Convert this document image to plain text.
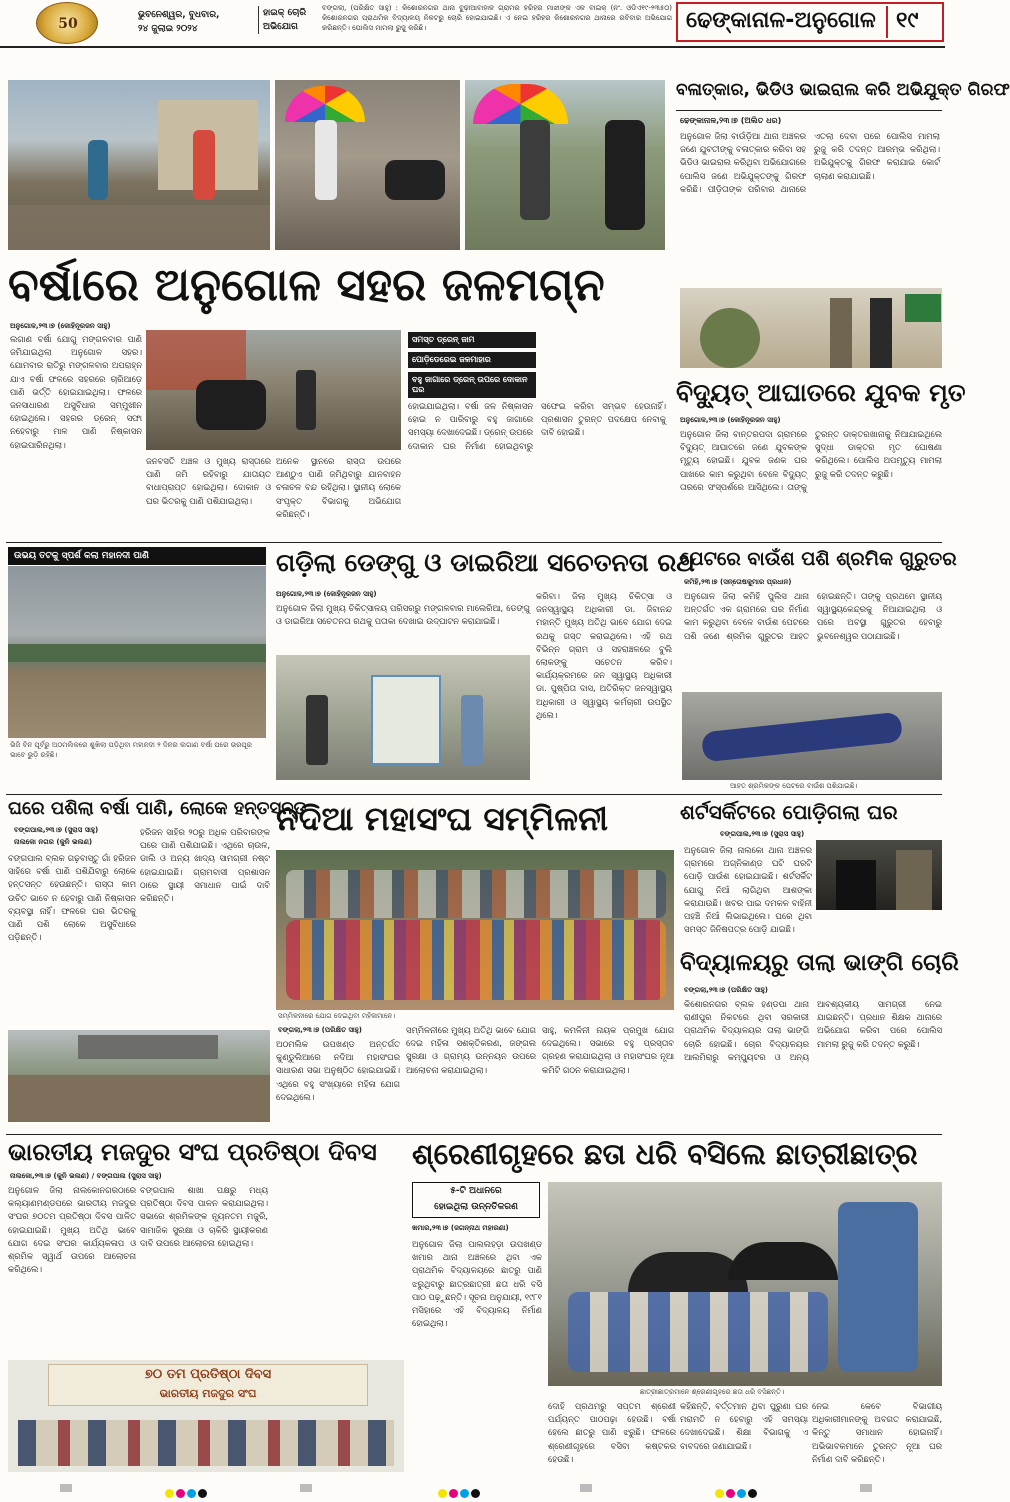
50
ଭୁବନେଶ୍ୱର, ବୁଧବାର,
୨୪ ଜୁଲାଇ ୨୦୨୪
ହାଇକ୍ ଚୋରି
ଅଭିଯୋଗ
ବଙ୍ଗଲା, (ପରିକ୍ଷିତ ସାହୁ) : କିଶୋରନଗର ଥାନା ବୁଢ଼ୀଆବାହାଳ ଗ୍ରାମର ହରିହର ମାଝୀଙ୍କ ଏକ ବାଇକ୍ (ନଂ. ଓଡିଏ୧୯-୨୩୫୦) କିଶୋରନଗର ପ୍ରାଥମିକ ବିଦ୍ୟାଳୟ ନିକଟରୁ ଚୋରି ହୋଇଯାଇଛି। ଏ ନେଇ ହରିହର କିଶୋରନଗର ଥାନାରେ ରବିବାର ଅଭିଯୋଗ କରିଛନ୍ତି। ପୋଲିସ ମାମଲା ରୁଜୁ କରିଛି।	ଢେଙ୍କାନାଳ-ଅନୁଗୋଳ ୧୯
ବଳାତ୍କାର, ଭିଡିଓ ଭାଇରାଲ କରି ଅଭିଯୁକ୍ତ ଗିରଫ
ଢେଙ୍କାନାଳ,୨୩।୭ (ଅଲିତ ଧର)
ଅନୁଗୋଳ ଜିଲା ବାଉଁଡ଼ିଆ ଥାନା ଅଞ୍ଚଳର ଜଣେ ଯୁବତୀଙ୍କୁ ବଳାତ୍କାର କରିବା ସହ ଭିଡିଓ ଭାଇରାଲ କରିଥିବା ଅଭିଯୋଗରେ ପୋଲିସ ଜଣେ ଅଭିଯୁକ୍ତଙ୍କୁ ଗିରଫ କରିଛି। ପୀଡ଼ିତାଙ୍କ ପରିବାର ଥାନାରେ ଏତଲା ଦେବା ପରେ ପୋଲିସ ମାମଲା ରୁଜୁ କରି ତଦନ୍ତ ଆରମ୍ଭ କରିଥିଲା। ଅଭିଯୁକ୍ତକୁ ଗିରଫ କରାଯାଇ କୋର୍ଟ ଚାଲାଣ କରାଯାଇଛି।
ବର୍ଷାରେ ଅନୁଗୋଳ ସହର ଜଳମଗ୍ନ
ଅନୁଗୋଳ,୨୩।୭ (କୋହିନୂରଜନ ସାହୁ)
ଲଗାଣ ବର୍ଷା ଯୋଗୁ ମଙ୍ଗଳବାର ପାଣି ଜମିଯାଇଥିଲା ଅନୁଗୋଳ ସହର। ଯୋମବାର ରାତିରୁ ମଙ୍ଗଳବାର ଅପରାହ୍ନ ଯାଏ ବର୍ଷା ଫଳରେ ସହରରେ ଚାରିଆଡ଼େ ପାଣି ଭର୍ତ୍ତି ହୋଇଯାଇଥିଲା। ଫଳରେ ଜନସାଧାରଣ ଅସୁବିଧାର ସମ୍ମୁଖୀନ ହୋଇଥିଲେ। ସହରର ଡ୍ରେନ୍ ସଫା ନହେବାରୁ ମାଳ ପାଣି ନିଷ୍କାସନ ହୋଇପାରିନଥିଲା।
ଜନବସତି ଅଞ୍ଚଳ ଓ ମୁଖ୍ୟ ରାସ୍ତାରେ ପାଣି ଜମି ରହିବାରୁ ଯାତାୟତ ବାଧାପ୍ରାପ୍ତ ହୋଇଥିଲା। ଦୋକାନ ଓ ଘର ଭିତରକୁ ପାଣି ପଶିଯାଇଥିଲା।
ଅନେକ ସ୍ଥାନରେ ରାସ୍ତା ଉପରେ ଆଣ୍ଠୁଏ ପାଣି ଜମିଥିବାରୁ ଯାନବାହନ ଚଳାଚଳ ବନ୍ଦ ରହିଥିଲା। ସ୍ଥାନୀୟ ଲୋକେ ସଂପୃକ୍ତ ବିଭାଗକୁ ଅଭିଯୋଗ କରିଛନ୍ତି।
ସମସ୍ତ ଡ୍ରେନ୍ ଜାମ
ପୋଡ଼ିଡେରେଇ ଜଳମାହାର
ବହୁ ଜାଗାରେ ଡ୍ରେନ୍ ଉପରେ ଦୋକାନ ଘର
ହୋଇଯାଇଥିଲା। ବର୍ଷା ଜଳ ନିଷ୍କାସନ ହୋଇ ନ ପାରିବାରୁ ବହୁ ଜାଗାରେ ସମସ୍ୟା ଦେଖାଦେଇଛି। ଡ୍ରେନ୍ ଉପରେ ଦୋକାନ ଘର ନିର୍ମାଣ ହୋଇଥିବାରୁ ସଫେଇ କରିବା ସମ୍ଭବ ହେଉନାହିଁ। ପ୍ରଶାସନ ତୁରନ୍ତ ପଦକ୍ଷେପ ନେବାକୁ ଦାବି ହୋଇଛି।
ବିଦ୍ୟୁତ୍ ଆଘାତରେ ଯୁବକ ମୃତ
ଅନୁଗୋଳ,୨୩।୭ (କୋହିନୂରଜନ ସାହୁ)
ଅନୁଗୋଳ ଜିଲା ବାନ୍ତରପଦା ଗ୍ରାମରେ ବିଦ୍ୟୁତ୍ ଆଘାତରେ ଜଣେ ଯୁବକଙ୍କ ମୃତ୍ୟୁ ହୋଇଛି। ଯୁବକ ଜଣକ ଘର ପାଖରେ କାମ କରୁଥିବା ବେଳେ ବିଦ୍ୟୁତ୍ ତାରରେ ସଂସ୍ପର୍ଶରେ ଆସିଥିଲେ। ତାଙ୍କୁ ତୁରନ୍ତ ଡାକ୍ତରଖାନାକୁ ନିଆଯାଇଥିଲେ ସୁଦ୍ଧା ଡାକ୍ତର ମୃତ ଘୋଷଣା କରିଥିଲେ। ପୋଲିସ ଅପମୃତ୍ୟୁ ମାମଲା ରୁଜୁ କରି ତଦନ୍ତ କରୁଛି।
ଉଭୟ ତଟକୁ ସ୍ପର୍ଶ କଲା ମହାନଦୀ ପାଣି
ଭିଜି ବିନ ପୂର୍ବରୁ ଅଠମଲିକରେ ଶୁଖିଲା ପଡ଼ିଥିବା ମହାନଦୀ ୨ ଦିନର ଲଗାଣ ବର୍ଷା ପରେ ଭରପୂର ଭାବେ ଭୁଡ଼ି ରହିଛି।
ଗଡ଼ିଲା ଡେଙ୍ଗୁ ଓ ଡାଇରିଆ ସଚେତନତା ରଥ
ଅନୁଗୋଳ,୨୩।୭ (କୋହିନୂରଜନ ସାହୁ)
ଅନୁଗୋଳ ଜିଲା ମୁଖ୍ୟ ଚିକିତ୍ସାଳୟ ପରିସରରୁ ମଙ୍ଗଳବାର ମାଲେରିଆ, ଡେଙ୍ଗୁ ଓ ଡାଇରିଆ ସଚେତନତା ରଥକୁ ପତାକା ଦେଖାଇ ଉଦ୍‌ଘାଟନ କରାଯାଇଛି।
କରିବା। ଜିଲା ମୁଖ୍ୟ ଚିକିତ୍ସା ଓ ଜନସ୍ୱାସ୍ଥ୍ୟ ଅଧିକାରୀ ଡା. ଜିବାନନ୍ଦ ମହାନ୍ତି ମୁଖ୍ୟ ଅତିଥି ଭାବେ ଯୋଗ ଦେଇ ରଥକୁ ଗସ୍ତ କରାଇଥିଲେ। ଏହି ରଥ ବିଭିନ୍ନ ଗ୍ରାମ ଓ ସହରାଞ୍ଚଳରେ ବୁଲି ଲୋକଙ୍କୁ ସଚେତନ କରିବ। କାର୍ଯ୍ୟକ୍ରମରେ ଜନ ସ୍ୱାସ୍ଥ୍ୟ ଅଧିକାରୀ ଡା. ପୁଷ୍ପିତା ଦାସ, ଅତିରିକ୍ତ ଜନସ୍ୱାସ୍ଥ୍ୟ ଅଧିକାରୀ ଓ ସ୍ୱାସ୍ଥ୍ୟ କର୍ମଚାରୀ ଉପସ୍ଥିତ ଥିଲେ।
ପେଟରେ ବାଉଁଶ ପଶି ଶ୍ରମିକ ଗୁରୁତର
କମିହି,୨୩।୭ (ସନ୍ତୋଷକୁମାର ପ୍ରଧାନ)
ଅନୁଗୋଳ ଜିଲା କମିହି ପୁଲିସ ଥାନା ଅନ୍ତର୍ଗତ ଏକ ଗ୍ରାମରେ ଘର ନିର୍ମାଣ କାମ କରୁଥିବା ବେଳେ ବାଉଁଶ ପେଟରେ ପଶି ଜଣେ ଶ୍ରମିକ ଗୁରୁତର ଆହତ ହୋଇଛନ୍ତି। ତାଙ୍କୁ ପ୍ରଥମେ ସ୍ଥାନୀୟ ସ୍ୱାସ୍ଥ୍ୟକେନ୍ଦ୍ରକୁ ନିଆଯାଇଥିଲା ଓ ପରେ ଅବସ୍ଥା ଗୁରୁତର ହେବାରୁ ଭୁବନେଶ୍ୱର ପଠାଯାଇଛି।
ଆହତ ଶ୍ରମିକଙ୍କ ପେଟରେ ବାଉଁଶ ପଶିଯାଇଛି।
ଘରେ ପଶିଲା ବର୍ଷା ପାଣି, ଲୋକେ ହନ୍ତସନ୍ତ
ବଙ୍ଗପାଲ,୨୩।୭ (ସୁରାସ ସାହୁ)
ନାଲକୋ ନଗର (କୁନି ଭଲଣ)
ବଙ୍ଗପାଲ ବ୍ଲକ ଗଢ଼ବାସ୍ତୁ ଗାଁ ହରିଜନ ସାହିରେ ବର୍ଷା ପାଣି ପଶିଯିବାରୁ ଲୋକେ ହନ୍ତସନ୍ତ ହେଉଛନ୍ତି। ରାସ୍ତା କାମ ଉଚିତ ଭାବେ ନ ହେବାରୁ ପାଣି ନିଷ୍କାସନ ବ୍ୟବସ୍ଥା ନାହିଁ। ଫଳରେ ଘର ଭିତରକୁ ପାଣି ପଶି ଲୋକେ ଅସୁବିଧାରେ ପଡ଼ିଛନ୍ତି।
ହରିଜନ ସାହିର ୨୦ରୁ ଅଧିକ ପରିବାରଙ୍କ ଘରେ ପାଣି ପଶିଯାଇଛି। ଏଥିରେ ଚାଉଳ, ଡାଲି ଓ ଅନ୍ୟ ଖାଦ୍ୟ ସାମଗ୍ରୀ ନଷ୍ଟ ହୋଇଯାଇଛି। ଗ୍ରାମବାସୀ ପ୍ରଶାସନ ଠାରେ ସ୍ଥାୟୀ ସମାଧାନ ପାଇଁ ଦାବି କରିଛନ୍ତି।
ନଦିଆ ମହାସଂଘ ସମ୍ମିଳନୀ
ସମ୍ମିଳନୀରେ ଯୋଗ ଦେଇଥିବା ମହିଳାମାନେ।
ବଙ୍ଗଲା,୨୩।୭ (ପରିକ୍ଷିତ ସାହୁ)
ଅଠମଲିକ ଉପଖଣ୍ଡ ଅନ୍ତର୍ଗତ କୁଣ୍ଡୁଲିଆରେ ନଦିଆ ମହାସଂଘର ସାଧାରଣ ସଭା ଅନୁଷ୍ଠିତ ହୋଇଯାଇଛି। ଏଥିରେ ବହୁ ସଂଖ୍ୟାରେ ମହିଳା ଯୋଗ ଦେଇଥିଲେ।
ସମ୍ମିଳନୀରେ ମୁଖ୍ୟ ଅତିଥି ଭାବେ ଯୋଗ ଦେଇ ମହିଳା ସଶକ୍ତିକରଣ, ଜଙ୍ଗଲ ସୁରକ୍ଷା ଓ ଗ୍ରାମ୍ୟ ଉନ୍ନୟନ ଉପରେ ଆଲୋଚନା କରାଯାଇଥିଲା।
ସାହୁ, କମଳିନୀ ନାୟକ ପ୍ରମୁଖ ଯୋଗ ଦେଇଥିଲେ। ସଭାରେ ବହୁ ପ୍ରସ୍ତାବ ଗ୍ରହଣ କରାଯାଇଥିଲା ଓ ମହାସଂଘର ନୂଆ କମିଟି ଗଠନ କରାଯାଇଥିଲା।
ଶର୍ଟସର୍କିଟରେ ପୋଡ଼ିଗଲା ଘର
ବଙ୍ଗପାଲ,୨୩।୭ (ସୁରାସ ସାହୁ)
ଅନୁଗୋଳ ଜିଲା ନାଲକୋ ଥାନା ଅଞ୍ଚଳର ଗ୍ରାମରେ ଅଗ୍ନିକାଣ୍ଡ ଘଟି ଘରଟି ପୋଡ଼ି ପାଉଁଶ ହୋଇଯାଇଛି। ଶର୍ଟସର୍କିଟ ଯୋଗୁ ନିଆଁ ଲାଗିଥିବା ଆଶଙ୍କା କରାଯାଉଛି। ଖବର ପାଇ ଦମକଳ ବାହିନୀ ପହଞ୍ଚି ନିଆଁ ଲିଭାଇଥିଲେ। ଘରେ ଥିବା ସମସ୍ତ ଜିନିଷପତ୍ର ପୋଡ଼ି ଯାଇଛି।
ବିଦ୍ୟାଳୟରୁ ତାଲା ଭାଙ୍ଗି ଚୋରି
ବଙ୍ଗଲା,୨୩।୭ (ପରିକ୍ଷିତ ସାହୁ)
କିଶୋରନଗର ବ୍ଲକ ହଣ୍ଡପା ଥାନା ରାଣୀପୁର ନିକଟରେ ଥିବା ସରକାରୀ ପ୍ରାଥମିକ ବିଦ୍ୟାଳୟର ତାଲା ଭାଙ୍ଗି ଚୋରି ହୋଇଛି। ଚୋର ବିଦ୍ୟାଳୟର ଆଲମିରାରୁ କମ୍ପ୍ୟୁଟର ଓ ଅନ୍ୟ ଆବଶ୍ୟକୀୟ ସାମଗ୍ରୀ ନେଇ ଯାଇଛନ୍ତି। ପ୍ରଧାନ ଶିକ୍ଷକ ଥାନାରେ ଅଭିଯୋଗ କରିବା ପରେ ପୋଲିସ ମାମଲା ରୁଜୁ କରି ତଦନ୍ତ କରୁଛି।
ଭାରତୀୟ ମଜଦୁର ସଂଘ ପ୍ରତିଷ୍ଠା ଦିବସ
ନାଲକୋ,୨୩।୭ (କୁନି ଭଲଣ) / ବଙ୍ଗପାଲ (ସୁରାସ ସାହୁ)
ଅନୁଗୋଳ ଜିଲା ନାଲକୋନଗରଠାରେ କଲ୍ୟାଣମଣ୍ଡପରେ ଭାରତୀୟ ମଜଦୁର ସଂଘର ୭୦ତମ ପ୍ରତିଷ୍ଠା ଦିବସ ପାଳିତ ହୋଇଯାଇଛି। ମୁଖ୍ୟ ଅତିଥି ଭାବେ ଯୋଗ ଦେଇ ସଂଘର କାର୍ଯ୍ୟକଳାପ ଓ ଶ୍ରମିକ ସ୍ୱାର୍ଥ ଉପରେ ଆଲୋଚନା କରିଥିଲେ।
ବଙ୍ଗପାଲ ଶାଖା ପକ୍ଷରୁ ମଧ୍ୟ ପ୍ରତିଷ୍ଠା ଦିବସ ପାଳନ କରାଯାଇଥିଲା। ସଭାରେ ଶ୍ରମିକଙ୍କ ନ୍ୟୂନତମ ମଜୁରି, ସାମାଜିକ ସୁରକ୍ଷା ଓ ଚାକିରି ସ୍ଥାୟୀକରଣ ଦାବି ଉପରେ ଆଲୋଚନା ହୋଇଥିଲା।
୭୦ ତମ ପ୍ରତିଷ୍ଠା ଦିବସ
ଭାରତୀୟ ମଜଦୁର ସଂଘ
ଶ୍ରେଣୀଗୃହରେ ଛତା ଧରି ବସିଲେ ଛାତ୍ରୀଛାତ୍ର
୫-ଟି ଅଧାନରେ
ହୋଇଥିଲା ଉନ୍ନତିକରଣ
ଖମାର,୨୩।୭ (ଜଗନ୍ନାଥ ମହାରଣା)
ଅନୁଗୋଳ ଜିଲା ପାଲଲହଡ଼ା ଉପଖଣ୍ଡ ଖମାର ଥାନା ଅଞ୍ଚଳରେ ଥିବା ଏକ ପ୍ରାଥମିକ ବିଦ୍ୟାଳୟରେ ଛାତରୁ ପାଣି ଝରୁଥିବାରୁ ଛାତ୍ରଛାତ୍ରୀ ଛତା ଧରି ବସି ପାଠ ପଢ଼ୁଛନ୍ତି। ସୂଚନା ଅନୁଯାୟୀ, ୧୯୮୧ ମସିହାରେ ଏହି ବିଦ୍ୟାଳୟ ନିର୍ମାଣ ହୋଇଥିଲା।
ଛାତ୍ରୀଛାତ୍ରମାନେ ଶ୍ରେଣୀଗୃହରେ ଛତା ଧରି ବସିଛନ୍ତି।
ଦୋହି ପ୍ରଥମରୁ ସପ୍ତମ ଶ୍ରେଣୀ ପର୍ଯ୍ୟନ୍ତ ପାଠପଢ଼ା ହେଉଛି। ବର୍ଷା ହେଲେ ଛାତରୁ ପାଣି ଝରୁଛି। ଫଳରେ ଶ୍ରେଣୀଗୃହରେ ବସିବା କଷ୍ଟକର ହେଉଛି।
କହିଛନ୍ତି, ବର୍ତ୍ତମାନ ଥିବା ପୁରୁଣା ଘର ମରାମତି ନ ହେବାରୁ ଏହି ସମସ୍ୟା ଦେଖାଦେଇଛି। ଶିକ୍ଷା ବିଭାଗକୁ ଏ ବାବଦରେ ଜଣାଯାଇଛି।
ନେଇ କେବେ ବିଭାଗୀୟ ଅଧିକାରୀମାନଙ୍କୁ ଅବଗତ କରାଯାଇଛି, କିନ୍ତୁ ସମାଧାନ ହୋଇନାହିଁ। ଅଭିଭାବକମାନେ ତୁରନ୍ତ ନୂଆ ଘର ନିର୍ମାଣ ଦାବି କରିଛନ୍ତି।
